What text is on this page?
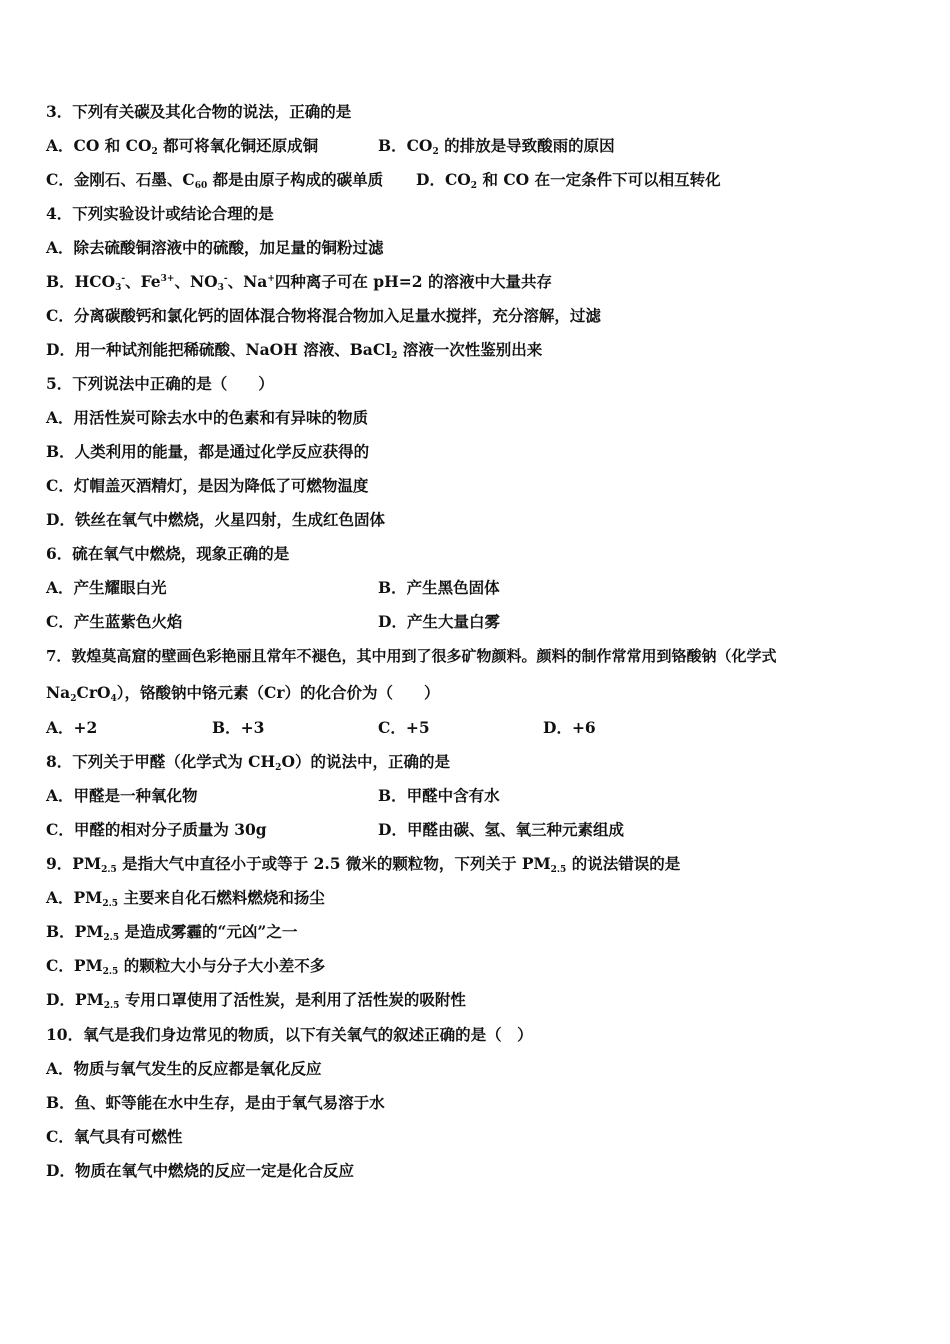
3．下列有关碳及其化合物的说法，正确的是
A．CO 和 $CO_2$ 都可将氧化铜还原成铜	B．$CO_2$ 的排放是导致酸雨的原因
C．金刚石、石墨、$C_{60}$ 都是由原子构成的碳单质 D．$CO_2$ 和 CO 在一定条件下可以相互转化
4．下列实验设计或结论合理的是
A．除去硫酸铜溶液中的硫酸，加足量的铜粉过滤
B．$HCO_3^-$、$Fe^{3+}$、$NO_3^-$、Na+四种离子可在 pH=2 的溶液中大量共存
C．分离碳酸钙和氯化钙的固体混合物将混合物加入足量水搅拌，充分溶解，过滤
D．用一种试剂能把稀硫酸、NaOH 溶液、BaCl$_2$ 溶液一次性鉴别出来
5．下列说法中正确的是（　　）
A．用活性炭可除去水中的色素和有异味的物质
B．人类利用的能量，都是通过化学反应获得的
C．灯帽盖灭酒精灯，是因为降低了可燃物温度
D．铁丝在氧气中燃烧，火星四射，生成红色固体
6．硫在氧气中燃烧，现象正确的是
A．产生耀眼白光	B．产生黑色固体
C．产生蓝紫色火焰	D．产生大量白雾
7．敦煌莫高窟的壁画色彩艳丽且常年不褪色，其中用到了很多矿物颜料。颜料的制作常常用到铬酸钠（化学式
$Na_2CrO_4$），铬酸钠中铬元素（Cr）的化合价为（　　）
A．+2	B．+3	C．+5	D．+6
8．下列关于甲醛（化学式为 $CH_2O$）的说法中，正确的是
A．甲醛是一种氧化物	B．甲醛中含有水
C．甲醛的相对分子质量为 30g	D．甲醛由碳、氢、氧三种元素组成
9．$PM_{2.5}$ 是指大气中直径小于或等于 2.5 微米的颗粒物，下列关于 $PM_{2.5}$ 的说法错误的是
A．$PM_{2.5}$ 主要来自化石燃料燃烧和扬尘
B．$PM_{2.5}$ 是造成雾霾的“元凶”之一
C．$PM_{2.5}$ 的颗粒大小与分子大小差不多
D．$PM_{2.5}$ 专用口罩使用了活性炭，是利用了活性炭的吸附性
10．氧气是我们身边常见的物质，以下有关氧气的叙述正确的是（　）
A．物质与氧气发生的反应都是氧化反应
B．鱼、虾等能在水中生存，是由于氧气易溶于水
C．氧气具有可燃性
D．物质在氧气中燃烧的反应一定是化合反应
